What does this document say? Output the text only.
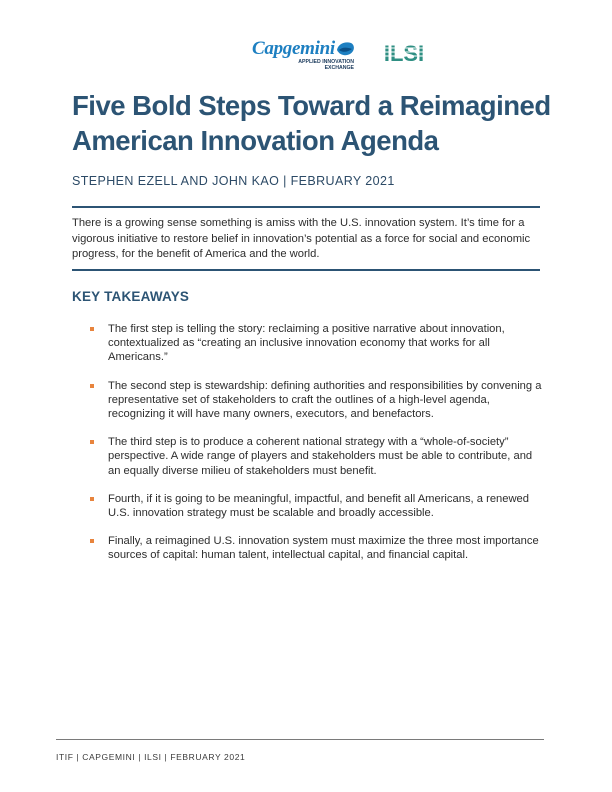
Capgemini
APPLIED INNOVATION
EXCHANGE
ILSI
Five Bold Steps Toward a Reimagined American Innovation Agenda
STEPHEN EZELL AND JOHN KAO | FEBRUARY 2021

There is a growing sense something is amiss with the U.S. innovation system. It’s time for a vigorous initiative to restore belief in innovation’s potential as a force for social and economic progress, for the benefit of America and the world.

KEY TAKEAWAYS
The first step is telling the story: reclaiming a positive narrative about innovation, contextualized as “creating an inclusive innovation economy that works for all Americans.”
The second step is stewardship: defining authorities and responsibilities by convening a representative set of stakeholders to craft the outlines of a high-level agenda, recognizing it will have many owners, executors, and benefactors.
The third step is to produce a coherent national strategy with a “whole-of-society” perspective. A wide range of players and stakeholders must be able to contribute, and an equally diverse milieu of stakeholders must benefit.
Fourth, if it is going to be meaningful, impactful, and benefit all Americans, a renewed U.S. innovation strategy must be scalable and broadly accessible.
Finally, a reimagined U.S. innovation system must maximize the three most importance sources of capital: human talent, intellectual capital, and financial capital.
ITIF | CAPGEMINI | ILSI | FEBRUARY 2021
